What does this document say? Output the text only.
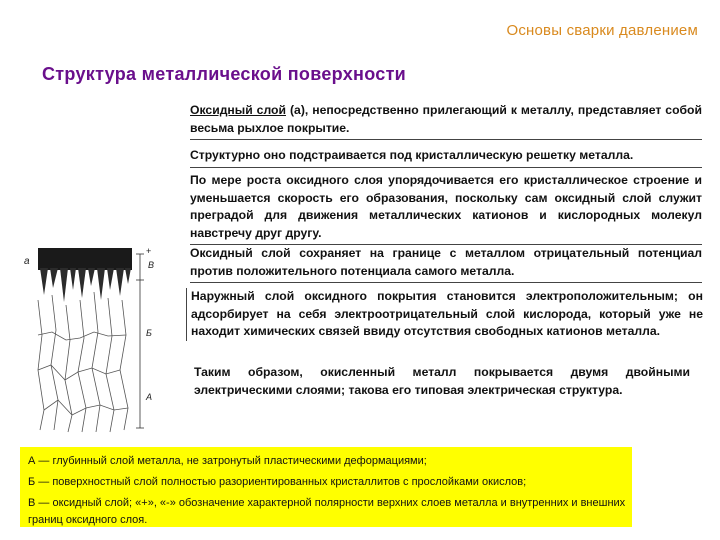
Основы сварки давлением
Структура металлической поверхности
Оксидный слой (а), непосредственно прилегающий к металлу, представляет собой весьма рыхлое покрытие.
Структурно оно подстраивается под кристаллическую решетку металла.
По мере роста оксидного слоя упорядочивается его кристаллическое строение и уменьшается скорость его образования, поскольку сам оксидный слой служит преградой для движения металлических катионов и кислородных молекул навстречу друг другу.
Оксидный слой сохраняет на границе с металлом отрицательный потенциал против положительного потенциала самого металла.
Наружный слой оксидного покрытия становится электроположительным; он адсорбирует на себя электроотрицательный слой кислорода, который уже не находит химических связей ввиду отсутствия свободных катионов металла.
Таким образом, окисленный металл покрывается двумя двойными электрическими слоями; такова его типовая электрическая структура.
а
+
В
Б
А

А — глубинный слой металла, не затронутый пластическими деформациями;

Б — поверхностный слой полностью разориентированных кристаллитов с прослойками окислов;

В — оксидный слой; «+», «-» обозначение характерной полярности верхних слоев металла и внутренних и внешних границ оксидного слоя.
